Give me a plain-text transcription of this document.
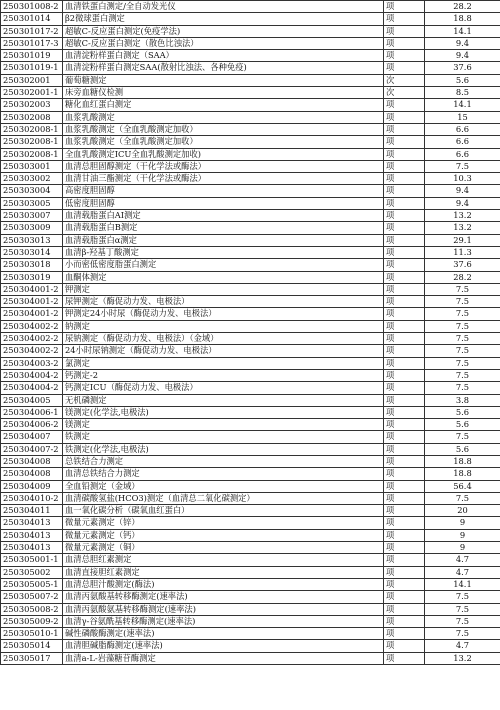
250301008-2	血清铁蛋白测定/全自动发光仪	项	28.2
250301014	β2微球蛋白测定	项	18.8
250301017-2	超敏C-反应蛋白测定(免疫学法)	项	14.1
250301017-3	超敏C-反应蛋白测定（散色比浊法）	项	9.4
250301019	血清淀粉样蛋白测定（SAA）	项	9.4
250301019-1	血清淀粉样蛋白测定SAA(散射比浊法、各种免疫)	项	37.6
250302001	葡萄糖测定	次	5.6
250302001-1	床旁血糖仪检测	次	8.5
250302003	糖化血红蛋白测定	项	14.1
250302008	血浆乳酸测定	项	15
250302008-1	血浆乳酸测定（全血乳酸测定加收）	项	6.6
250302008-1	血浆乳酸测定（全血乳酸测定加收）	项	6.6
250302008-1	全血乳酸测定ICU全血乳酸测定加收)	项	6.6
250303001	血清总胆固醇测定（干化学法或酶法）	项	7.5
250303002	血清甘油三酯测定（干化学法或酶法）	项	10.3
250303004	高密度胆固醇	项	9.4
250303005	低密度胆固醇	项	9.4
250303007	血清载脂蛋白AI测定	项	13.2
250303009	血清载脂蛋白B测定	项	13.2
250303013	血清载脂蛋白α测定	项	29.1
250303014	血清β-羟基丁酸测定	项	11.3
250303018	小而密低密度脂蛋白测定	项	37.6
250303019	血酮体测定	项	28.2
250304001-2	钾测定	项	7.5
250304001-2	尿钾测定（酶促动力发、电极法）	项	7.5
250304001-2	钾测定24小时尿（酶促动力发、电极法）	项	7.5
250304002-2	钠测定	项	7.5
250304002-2	尿钠测定（酶促动力发、电极法）（金域）	项	7.5
250304002-2	24小时尿钠测定（酶促动力发、电极法）	项	7.5
250304003-2	氯测定	项	7.5
250304004-2	钙测定-2	项	7.5
250304004-2	钙测定ICU（酶促动力发、电极法）	项	7.5
250304005	无机磷测定	项	3.8
250304006-1	镁测定(化学法,电极法)	项	5.6
250304006-2	镁测定	项	5.6
250304007	铁测定	项	7.5
250304007-2	铁测定(化学法,电极法)	项	5.6
250304008	总铁结合力测定	项	18.8
250304008	血清总铁结合力测定	项	18.8
250304009	全血铅测定（金域）	项	56.4
250304010-2	血清碳酸氢盐(HCO3)测定（血清总二氧化碳测定）	项	7.5
250304011	血一氧化碳分析（碳氧血红蛋白）	项	20
250304013	微量元素测定（锌）	项	9
250304013	微量元素测定（钙）	项	9
250304013	微量元素测定（铜）	项	9
250305001-1	血清总胆红素测定	项	4.7
250305002	血清直接胆红素测定	项	4.7
250305005-1	血清总胆汁酸测定(酶法)	项	14.1
250305007-2	血清丙氨酸基转移酶测定(速率法)	项	7.5
250305008-2	血清丙氨酸氨基转移酶测定(速率法)	项	7.5
250305009-2	血清γ-谷氨酰基转移酶测定(速率法)	项	7.5
250305010-1	碱性磷酸酶测定(速率法)	项	7.5
250305014	血清胆碱脂酶测定(速率法)	项	4.7
250305017	血清a-L-岩藻糖苷酶测定	项	13.2
